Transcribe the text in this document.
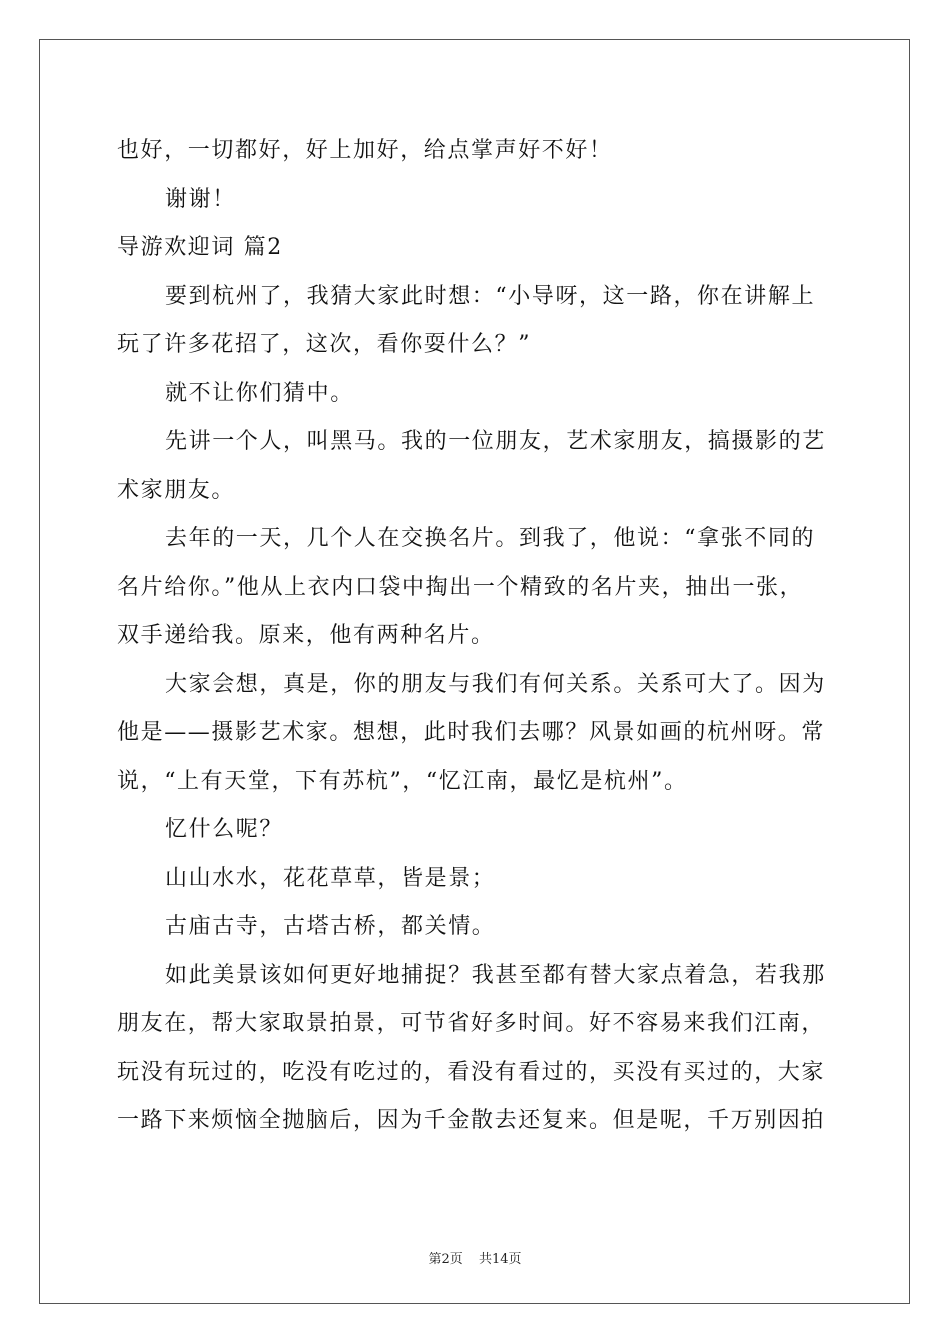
也好，一切都好，好上加好，给点掌声好不好！
谢谢！
导游欢迎词 篇2
要到杭州了，我猜大家此时想：“小导呀，这一路，你在讲解上
玩了许多花招了，这次，看你耍什么？”
就不让你们猜中。
先讲一个人，叫黑马。我的一位朋友，艺术家朋友，搞摄影的艺
术家朋友。
去年的一天，几个人在交换名片。到我了，他说：“拿张不同的
名片给你。”他从上衣内口袋中掏出一个精致的名片夹，抽出一张，
双手递给我。原来，他有两种名片。
大家会想，真是，你的朋友与我们有何关系。关系可大了。因为
他是——摄影艺术家。想想，此时我们去哪？风景如画的杭州呀。常
说，“上有天堂，下有苏杭”，“忆江南，最忆是杭州”。
忆什么呢？
山山水水，花花草草，皆是景；
古庙古寺，古塔古桥，都关情。
如此美景该如何更好地捕捉？我甚至都有替大家点着急，若我那
朋友在，帮大家取景拍景，可节省好多时间。好不容易来我们江南，
玩没有玩过的，吃没有吃过的，看没有看过的，买没有买过的，大家
一路下来烦恼全抛脑后，因为千金散去还复来。但是呢，千万别因拍
第2页 共14页
